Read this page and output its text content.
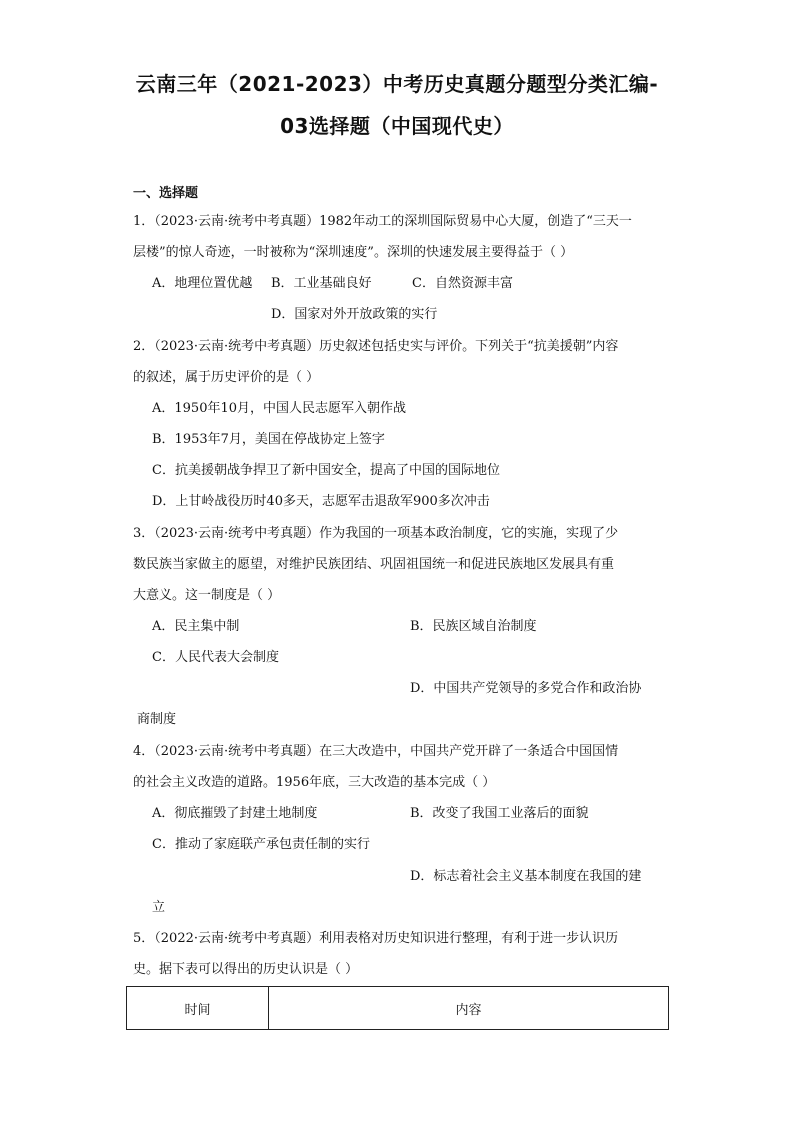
云南三年（2021-2023）中考历史真题分题型分类汇编-
03选择题（中国现代史）
一、选择题
1．（2023·云南·统考中考真题）1982年动工的深圳国际贸易中心大厦，创造了“三天一
层楼”的惊人奇迹，一时被称为“深圳速度”。深圳的快速发展主要得益于（ ）
A．地理位置优越 B．工业基础良好	C．自然资源丰富
D．国家对外开放政策的实行
2．（2023·云南·统考中考真题）历史叙述包括史实与评价。下列关于“抗美援朝”内容
的叙述，属于历史评价的是（ ）
A．1950年10月，中国人民志愿军入朝作战
B．1953年7月，美国在停战协定上签字
C．抗美援朝战争捍卫了新中国安全，提高了中国的国际地位
D．上甘岭战役历时40多天，志愿军击退敌军900多次冲击
3．（2023·云南·统考中考真题）作为我国的一项基本政治制度，它的实施，实现了少
数民族当家做主的愿望，对维护民族团结、巩固祖国统一和促进民族地区发展具有重
大意义。这一制度是（ ）
A．民主集中制	B．民族区域自治制度
C．人民代表大会制度
D．中国共产党领导的多党合作和政治协
商制度
4．（2023·云南·统考中考真题）在三大改造中，中国共产党开辟了一条适合中国国情
的社会主义改造的道路。1956年底，三大改造的基本完成（ ）
A．彻底摧毁了封建土地制度	B．改变了我国工业落后的面貌
C．推动了家庭联产承包责任制的实行
D．标志着社会主义基本制度在我国的建
立
5．（2022·云南·统考中考真题）利用表格对历史知识进行整理，有利于进一步认识历
史。据下表可以得出的历史认识是（ ）
时间	内容
